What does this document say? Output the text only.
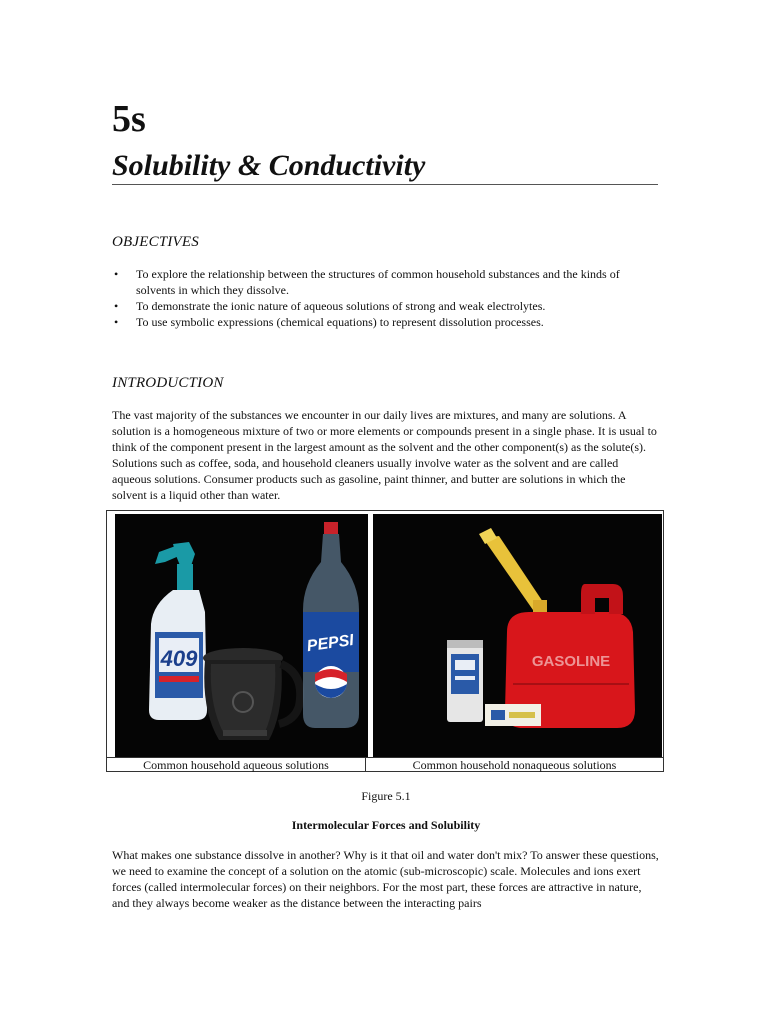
5s
Solubility & Conductivity
OBJECTIVES
• To explore the relationship between the structures of common household substances and the kinds of solvents in which they dissolve.
• To demonstrate the ionic nature of aqueous solutions of strong and weak electrolytes.
• To use symbolic expressions (chemical equations) to represent dissolution processes.
INTRODUCTION

The vast majority of the substances we encounter in our daily lives are mixtures, and many are solutions. A solution is a homogeneous mixture of two or more elements or compounds present in a single phase. It is usual to think of the component present in the largest amount as the solvent and the other component(s) as the solute(s). Solutions such as coffee, soda, and household cleaners usually involve water as the solvent and are called aqueous solutions. Consumer products such as gasoline, paint thinner, and butter are solutions in which the solvent is a liquid other than water.

409
PEPSI
GASOLINE
Common household aqueous solutions	Common household nonaqueous solutions

Figure 5.1

Intermolecular Forces and Solubility

What makes one substance dissolve in another? Why is it that oil and water don't mix? To answer these questions, we need to examine the concept of a solution on the atomic (sub-microscopic) scale. Molecules and ions exert forces (called intermolecular forces) on their neighbors. For the most part, these forces are attractive in nature, and they always become weaker as the distance between the interacting pairs
